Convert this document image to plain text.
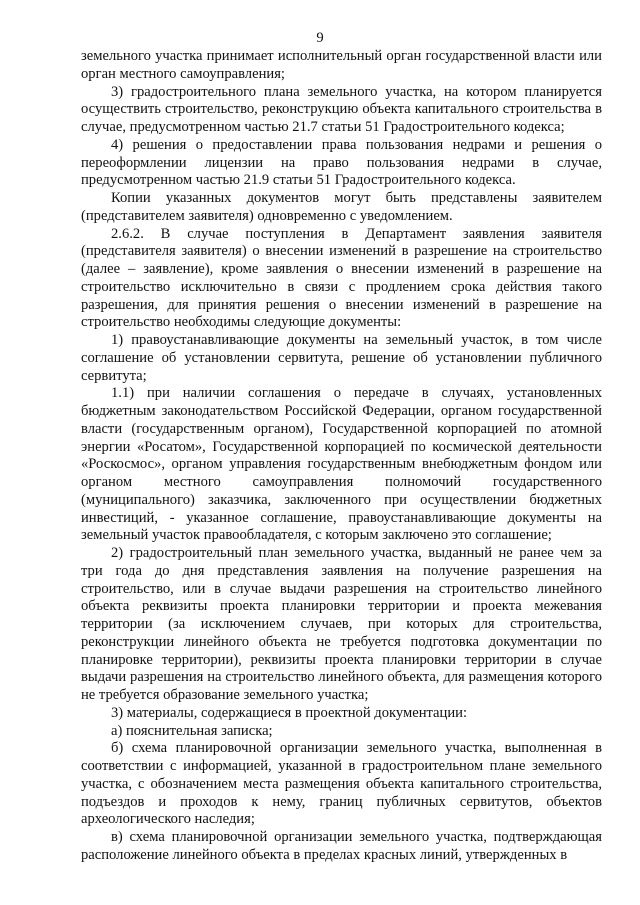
9

земельного участка принимает исполнительный орган государственной власти или орган местного самоуправления;

3) градостроительного плана земельного участка, на котором планируется осуществить строительство, реконструкцию объекта капитального строительства в случае, предусмотренном частью 21.7 статьи 51 Градостроительного кодекса;

4) решения о предоставлении права пользования недрами и решения о переоформлении лицензии на право пользования недрами в случае, предусмотренном частью 21.9 статьи 51 Градостроительного кодекса.

Копии указанных документов могут быть представлены заявителем (представителем заявителя) одновременно с уведомлением.

2.6.2. В случае поступления в Департамент заявления заявителя (представителя заявителя) о внесении изменений в разрешение на строительство (далее – заявление), кроме заявления о внесении изменений в разрешение на строительство исключительно в связи с продлением срока действия такого разрешения, для принятия решения о внесении изменений в разрешение на строительство необходимы следующие документы:

1) правоустанавливающие документы на земельный участок, в том числе соглашение об установлении сервитута, решение об установлении публичного сервитута;

1.1) при наличии соглашения о передаче в случаях, установленных бюджетным законодательством Российской Федерации, органом государственной власти (государственным органом), Государственной корпорацией по атомной энергии «Росатом», Государственной корпорацией по космической деятельности «Роскосмос», органом управления государственным внебюджетным фондом или органом местного самоуправления полномочий государственного (муниципального) заказчика, заключенного при осуществлении бюджетных инвестиций, - указанное соглашение, правоустанавливающие документы на земельный участок правообладателя, с которым заключено это соглашение;

2) градостроительный план земельного участка, выданный не ранее чем за три года до дня представления заявления на получение разрешения на строительство, или в случае выдачи разрешения на строительство линейного объекта реквизиты проекта планировки территории и проекта межевания территории (за исключением случаев, при которых для строительства, реконструкции линейного объекта не требуется подготовка документации по планировке территории), реквизиты проекта планировки территории в случае выдачи разрешения на строительство линейного объекта, для размещения которого не требуется образование земельного участка;

3) материалы, содержащиеся в проектной документации:

а) пояснительная записка;

б) схема планировочной организации земельного участка, выполненная в соответствии с информацией, указанной в градостроительном плане земельного участка, с обозначением места размещения объекта капитального строительства, подъездов и проходов к нему, границ публичных сервитутов, объектов археологического наследия;

в) схема планировочной организации земельного участка, подтверждающая расположение линейного объекта в пределах красных линий, утвержденных в
